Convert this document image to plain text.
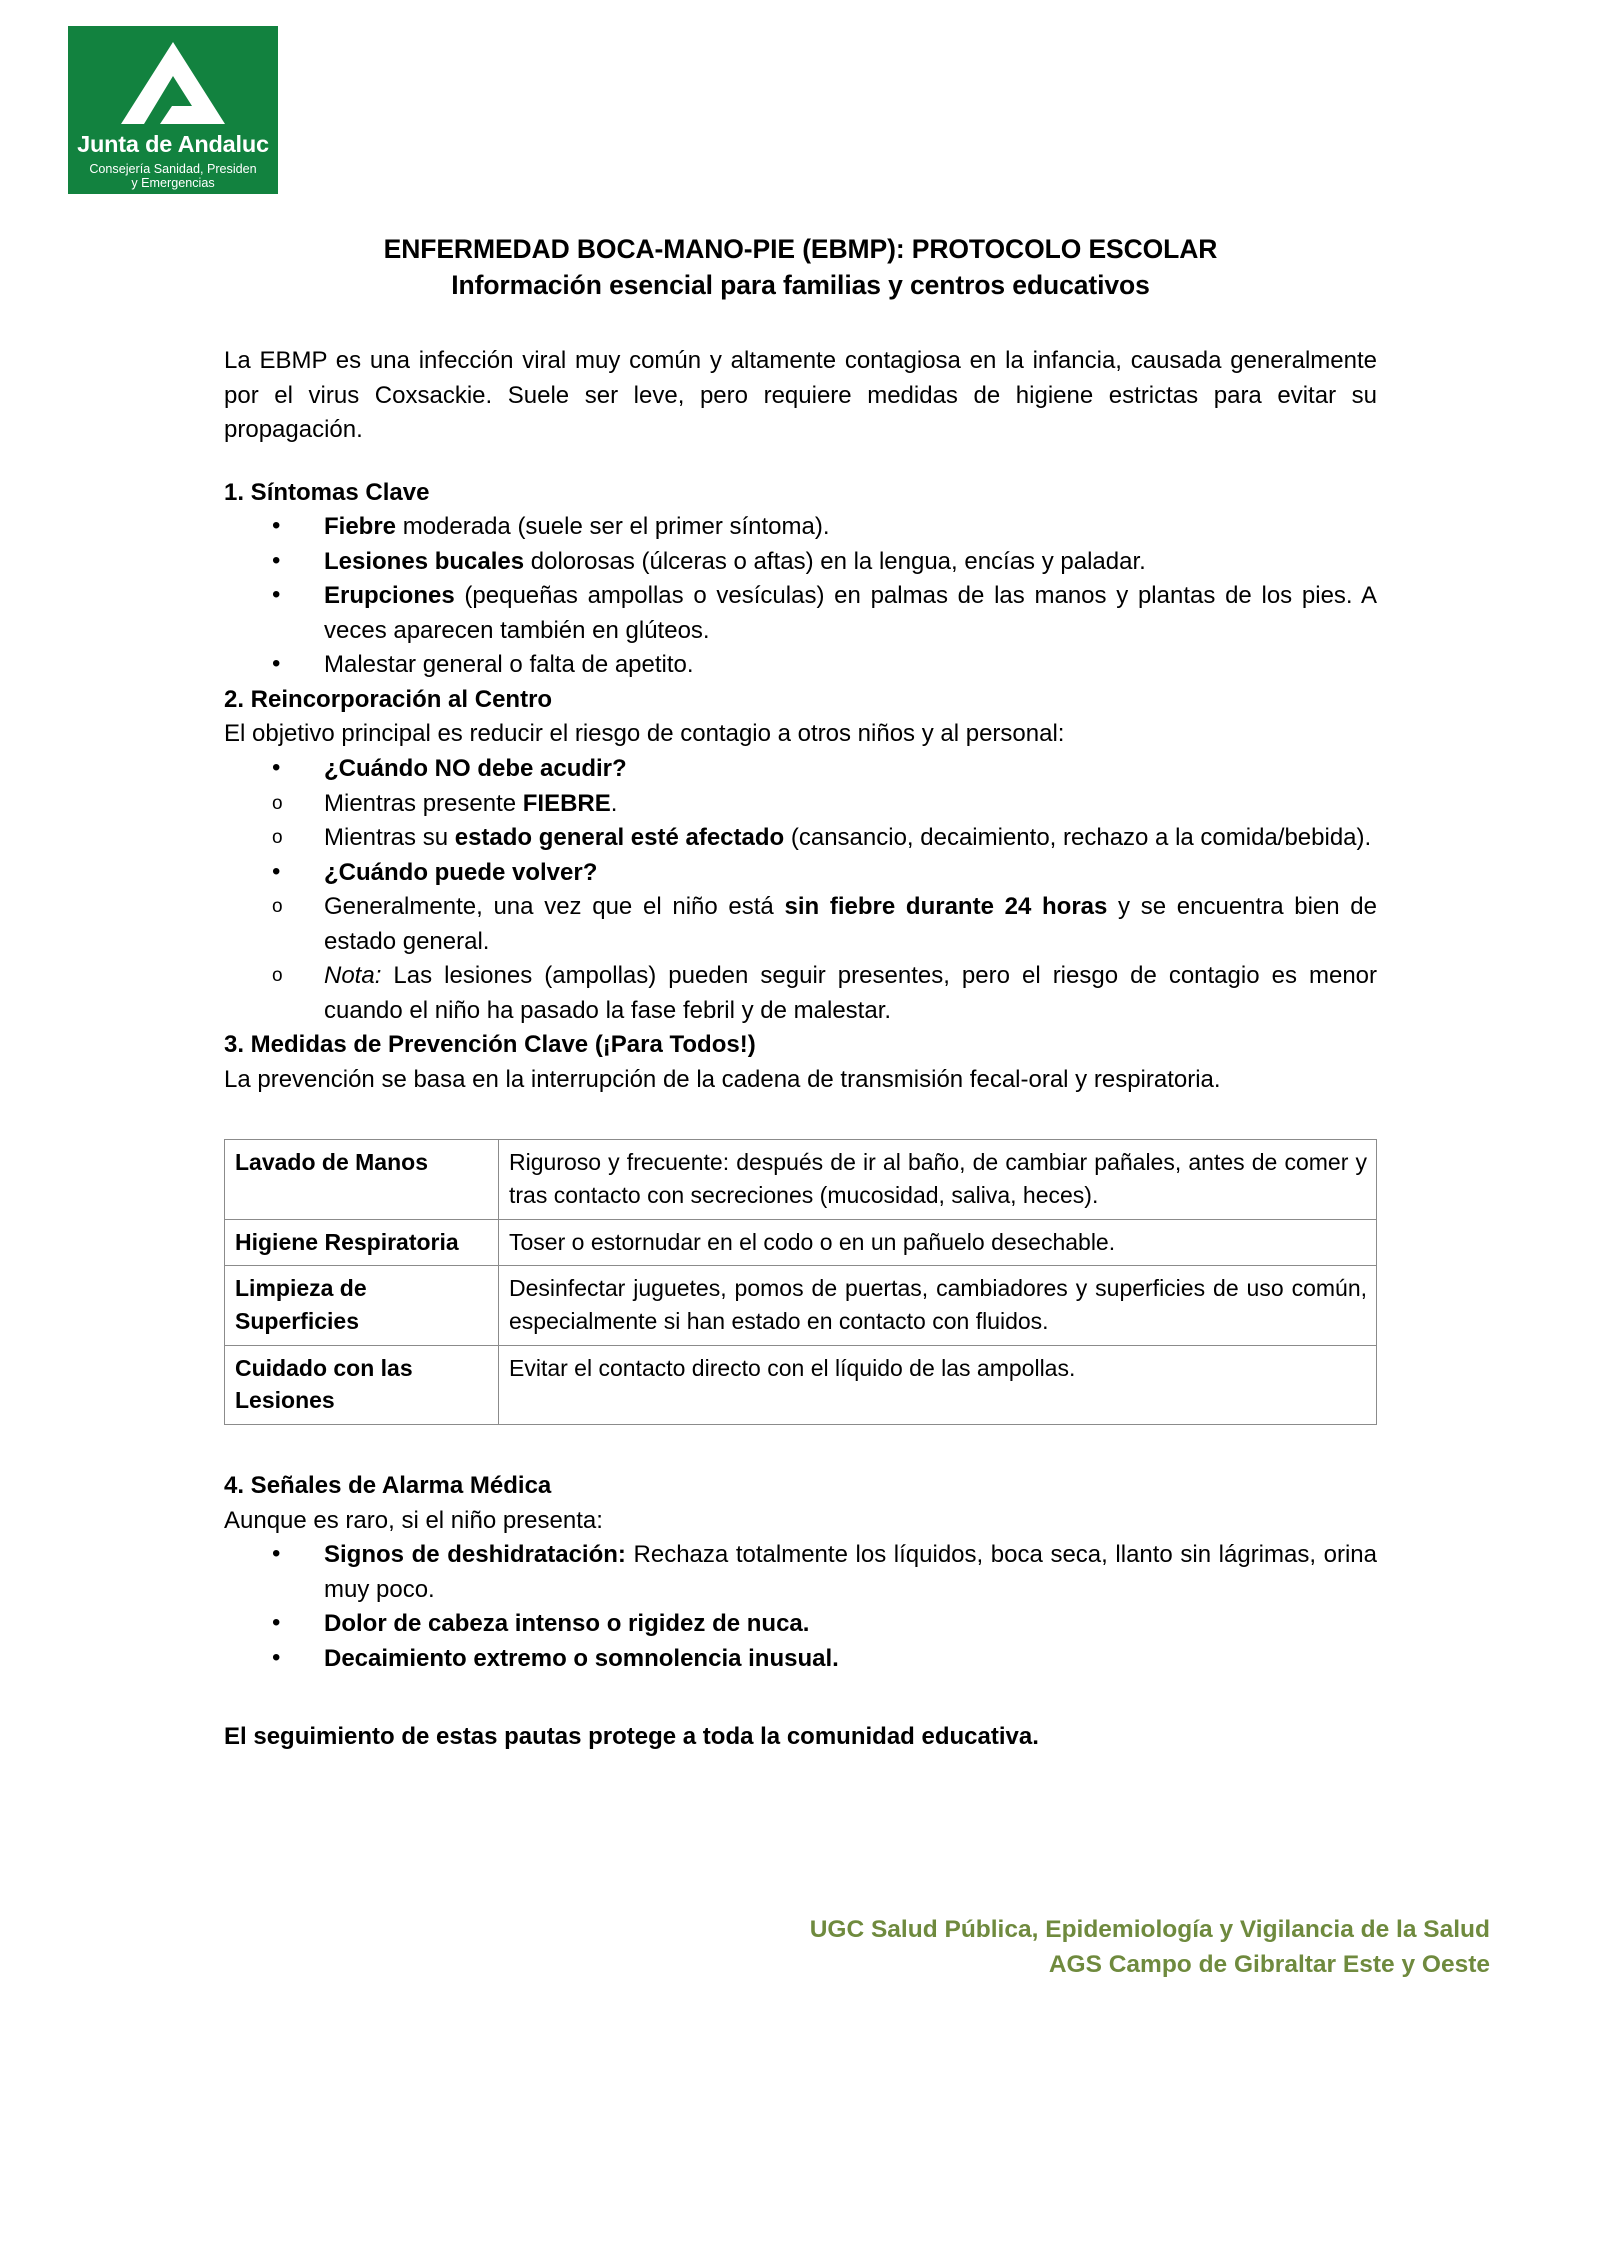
Junta de Andaluc
Consejería Sanidad, Presiden
y Emergencias
ENFERMEDAD BOCA-MANO-PIE (EBMP): PROTOCOLO ESCOLAR
Información esencial para familias y centros educativos

La EBMP es una infección viral muy común y altamente contagiosa en la infancia, causada generalmente por el virus Coxsackie. Suele ser leve, pero requiere medidas de higiene estrictas para evitar su propagación.

1. Síntomas Clave

• Fiebre moderada (suele ser el primer síntoma).
• Lesiones bucales dolorosas (úlceras o aftas) en la lengua, encías y paladar.
• Erupciones (pequeñas ampollas o vesículas) en palmas de las manos y plantas de los pies. A veces aparecen también en glúteos.
• Malestar general o falta de apetito.

2. Reincorporación al Centro

El objetivo principal es reducir el riesgo de contagio a otros niños y al personal:

• ¿Cuándo NO debe acudir?
o Mientras presente FIEBRE.
o Mientras su estado general esté afectado (cansancio, decaimiento, rechazo a la comida/bebida).
• ¿Cuándo puede volver?
o Generalmente, una vez que el niño está sin fiebre durante 24 horas y se encuentra bien de estado general.
o Nota: Las lesiones (ampollas) pueden seguir presentes, pero el riesgo de contagio es menor cuando el niño ha pasado la fase febril y de malestar.

3. Medidas de Prevención Clave (¡Para Todos!)

La prevención se basa en la interrupción de la cadena de transmisión fecal-oral y respiratoria.

Lavado de Manos	Riguroso y frecuente: después de ir al baño, de cambiar pañales, antes de comer y tras contacto con secreciones (mucosidad, saliva, heces).
Higiene Respiratoria	Toser o estornudar en el codo o en un pañuelo desechable.
Limpieza de Superficies	Desinfectar juguetes, pomos de puertas, cambiadores y superficies de uso común, especialmente si han estado en contacto con fluidos.
Cuidado con las Lesiones	Evitar el contacto directo con el líquido de las ampollas.

4. Señales de Alarma Médica

Aunque es raro, si el niño presenta:

• Signos de deshidratación: Rechaza totalmente los líquidos, boca seca, llanto sin lágrimas, orina muy poco.
• Dolor de cabeza intenso o rigidez de nuca.
• Decaimiento extremo o somnolencia inusual.

El seguimiento de estas pautas protege a toda la comunidad educativa.

UGC Salud Pública, Epidemiología y Vigilancia de la Salud
AGS Campo de Gibraltar Este y Oeste
